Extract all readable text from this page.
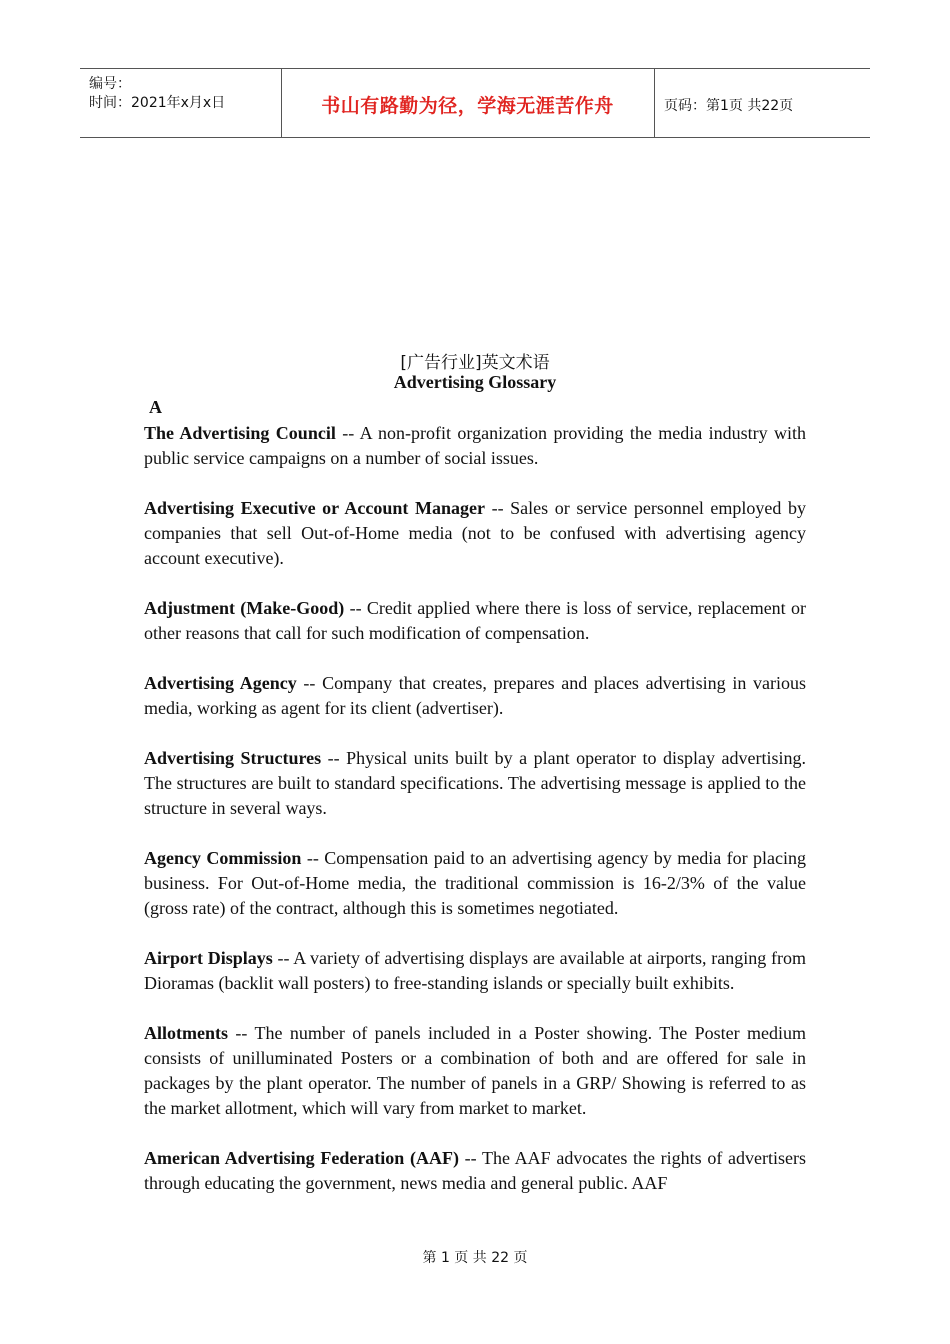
编号：
时间：2021年x月x日	书山有路勤为径，学海无涯苦作舟	页码：第1页 共22页
[广告行业]英文术语
Advertising Glossary
A
The Advertising Council -- A non-profit organization providing the media industry with public service campaigns on a number of social issues.
Advertising Executive or Account Manager -- Sales or service personnel employed by companies that sell Out-of-Home media (not to be confused with advertising agency account executive).
Adjustment (Make-Good) -- Credit applied where there is loss of service, replacement or other reasons that call for such modification of compensation.
Advertising Agency -- Company that creates, prepares and places advertising in various media, working as agent for its client (advertiser).
Advertising Structures -- Physical units built by a plant operator to display advertising. The structures are built to standard specifications. The advertising message is applied to the structure in several ways.
Agency Commission -- Compensation paid to an advertising agency by media for placing business. For Out-of-Home media, the traditional commission is 16-2/3% of the value (gross rate) of the contract, although this is sometimes negotiated.
Airport Displays -- A variety of advertising displays are available at airports, ranging from Dioramas (backlit wall posters) to free-standing islands or specially built exhibits.
Allotments -- The number of panels included in a Poster showing. The Poster medium consists of unilluminated Posters or a combination of both and are offered for sale in packages by the plant operator. The number of panels in a GRP/ Showing is referred to as the market allotment, which will vary from market to market.
American Advertising Federation (AAF) -- The AAF advocates the rights of advertisers through educating the government, news media and general public. AAF
第 1 页 共 22 页
